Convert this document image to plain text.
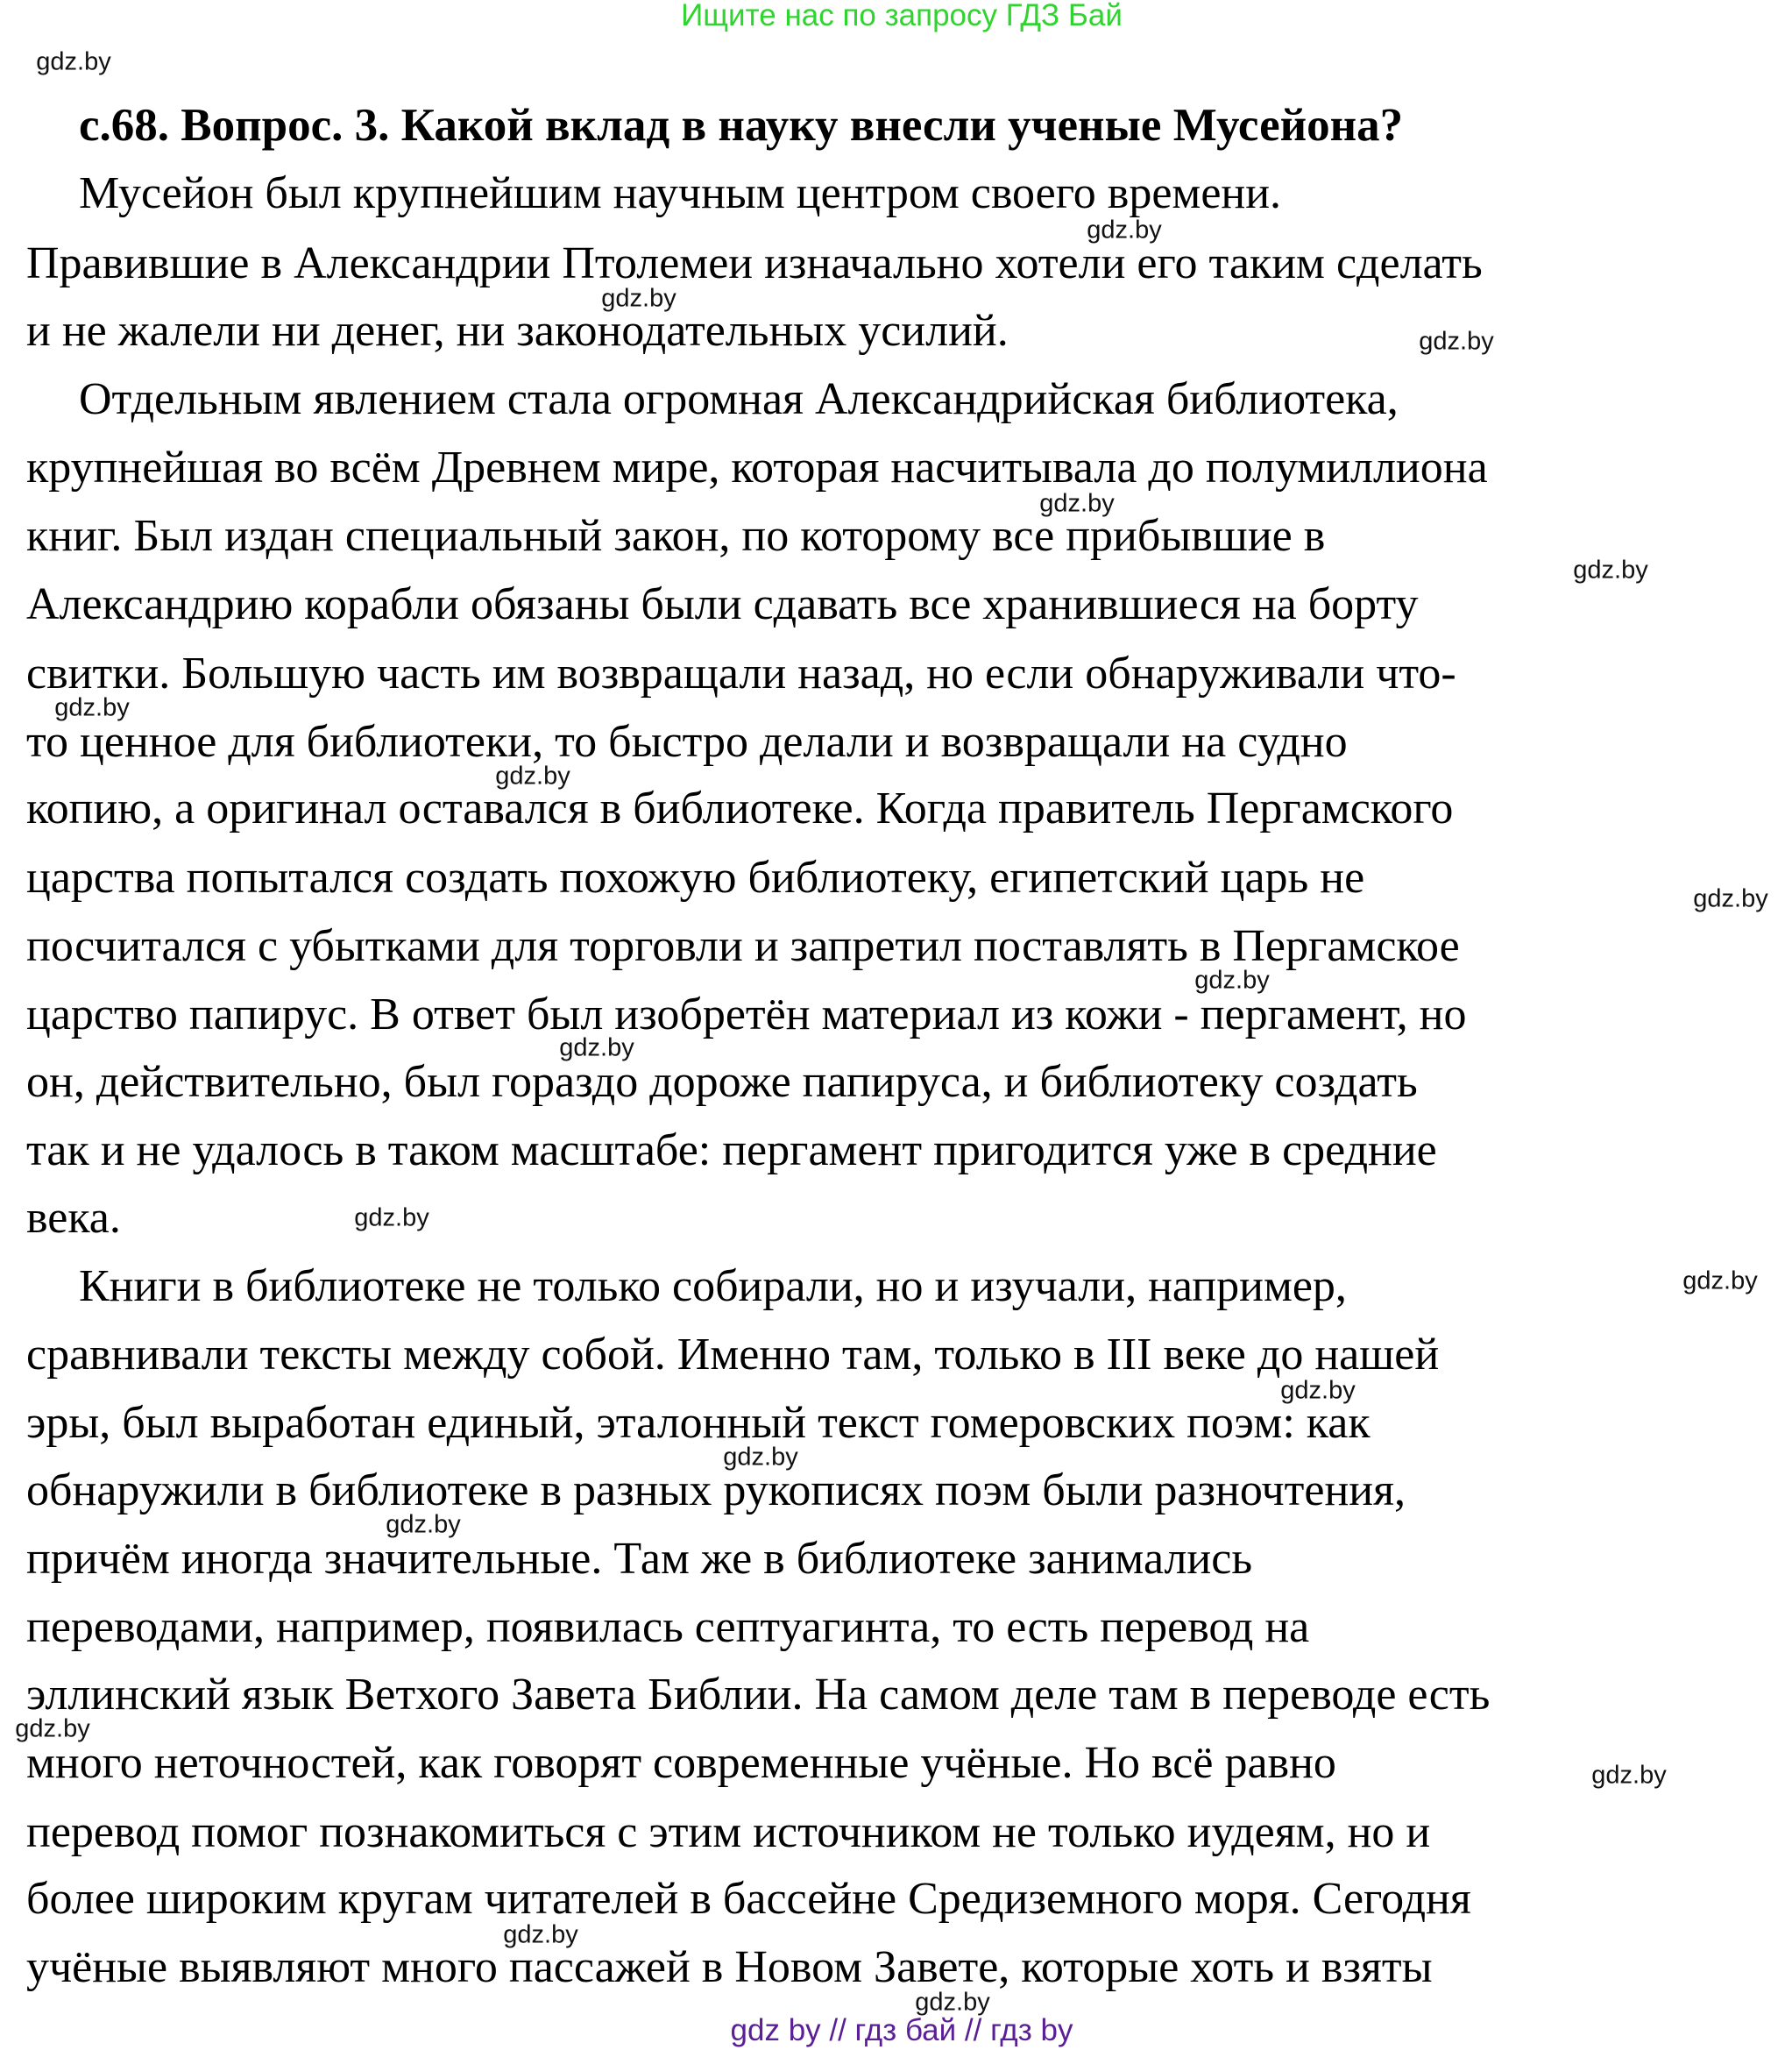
Ищите нас по запросу ГДЗ Бай
gdz by // гдз бай // гдз by
с.68. Вопрос. 3. Какой вклад в науку внесли ученые Мусейона?
Мусейон был крупнейшим научным центром своего времени.
Правившие в Александрии Птолемеи изначально хотели его таким сделать
и не жалели ни денег, ни законодательных усилий.
Отдельным явлением стала огромная Александрийская библиотека,
крупнейшая во всём Древнем мире, которая насчитывала до полумиллиона
книг. Был издан специальный закон, по которому все прибывшие в
Александрию корабли обязаны были сдавать все хранившиеся на борту
свитки. Большую часть им возвращали назад, но если обнаруживали что-
то ценное для библиотеки, то быстро делали и возвращали на судно
копию, а оригинал оставался в библиотеке. Когда правитель Пергамского
царства попытался создать похожую библиотеку, египетский царь не
посчитался с убытками для торговли и запретил поставлять в Пергамское
царство папирус. В ответ был изобретён материал из кожи - пергамент, но
он, действительно, был гораздо дороже папируса, и библиотеку создать
так и не удалось в таком масштабе: пергамент пригодится уже в средние
века.
Книги в библиотеке не только собирали, но и изучали, например,
сравнивали тексты между собой. Именно там, только в III веке до нашей
эры, был выработан единый, эталонный текст гомеровских поэм: как
обнаружили в библиотеке в разных рукописях поэм были разночтения,
причём иногда значительные. Там же в библиотеке занимались
переводами, например, появилась септуагинта, то есть перевод на
эллинский язык Ветхого Завета Библии. На самом деле там в переводе есть
много неточностей, как говорят современные учёные. Но всё равно
перевод помог познакомиться с этим источником не только иудеям, но и
более широким кругам читателей в бассейне Средиземного моря. Сегодня
учёные выявляют много пассажей в Новом Завете, которые хоть и взяты
gdz.by
gdz.by
gdz.by
gdz.by
gdz.by
gdz.by
gdz.by
gdz.by
gdz.by
gdz.by
gdz.by
gdz.by
gdz.by
gdz.by
gdz.by
gdz.by
gdz.by
gdz.by
gdz.by
gdz.by
